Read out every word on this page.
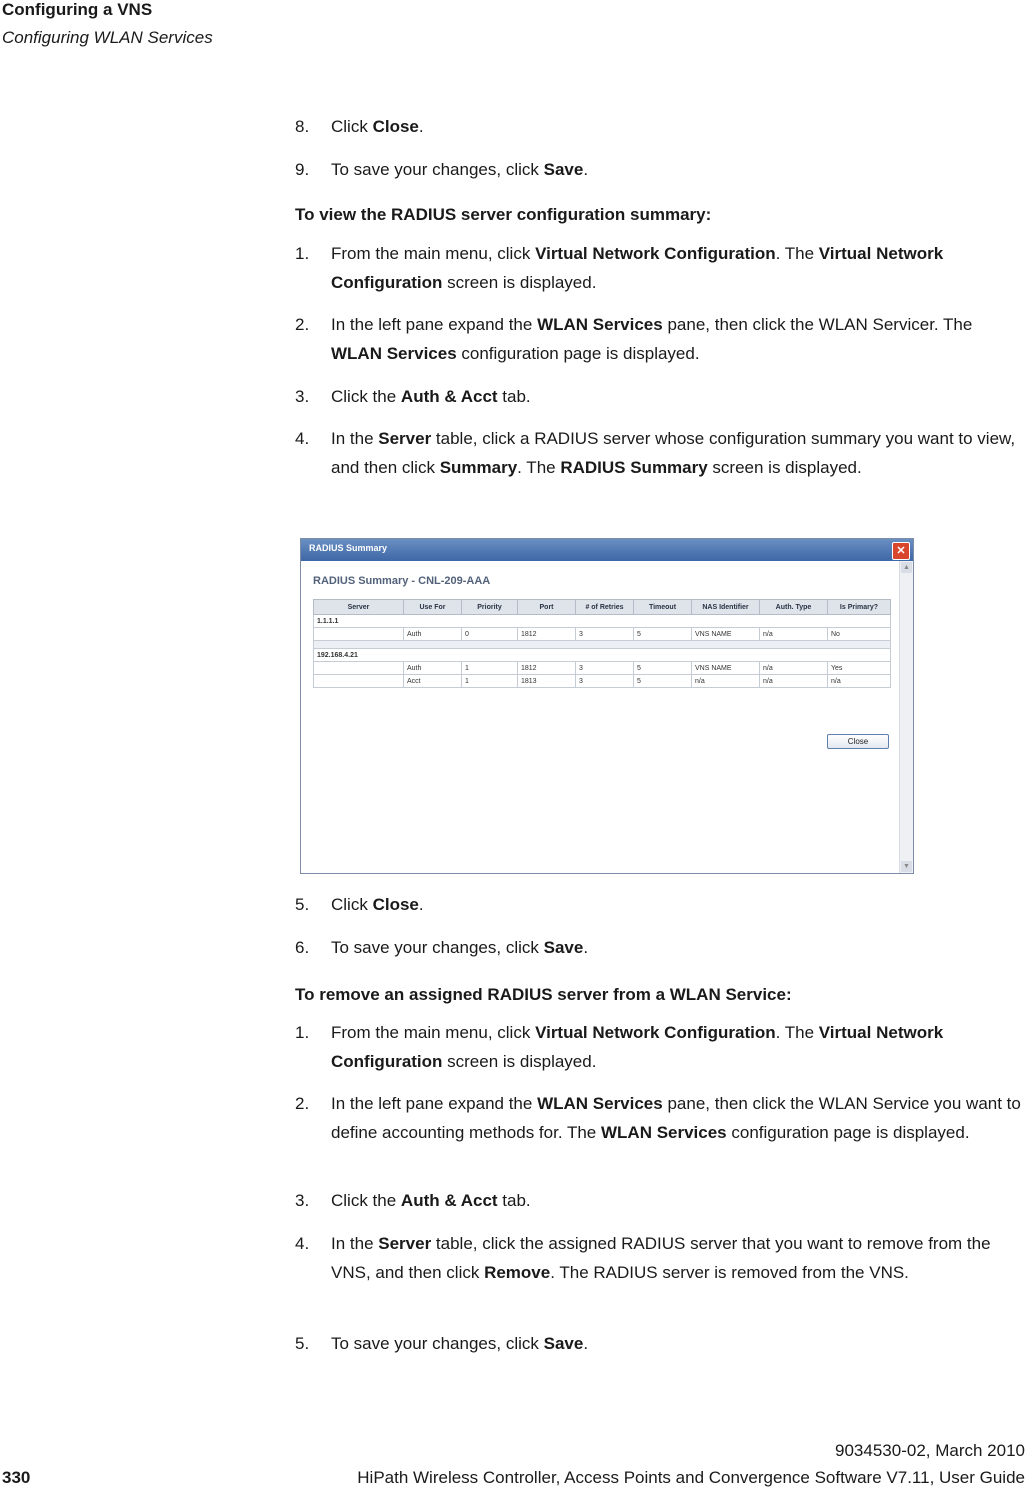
Configuring a VNS
Configuring WLAN Services
8. Click Close.
9. To save your changes, click Save.
To view the RADIUS server configuration summary:
1. From the main menu, click Virtual Network Configuration. The Virtual Network Configuration screen is displayed.
2. In the left pane expand the WLAN Services pane, then click the WLAN Servicer. The WLAN Services configuration page is displayed.
3. Click the Auth & Acct tab.
4. In the Server table, click a RADIUS server whose configuration summary you want to view, and then click Summary. The RADIUS Summary screen is displayed.
RADIUS Summary	✕
▲
▼
RADIUS Summary - CNL-209-AAA
Server	Use For	Priority	Port	# of Retries	Timeout	NAS Identifier	Auth. Type	Is Primary?
1.1.1.1								
	Auth	0	1812	3	5	VNS NAME	n/a	No

192.168.4.21								
	Auth	1	1812	3	5	VNS NAME	n/a	Yes
	Acct	1	1813	3	5	n/a	n/a	n/a
Close
5. Click Close.
6. To save your changes, click Save.
To remove an assigned RADIUS server from a WLAN Service:
1. From the main menu, click Virtual Network Configuration. The Virtual Network Configuration screen is displayed.
2. In the left pane expand the WLAN Services pane, then click the WLAN Service you want to define accounting methods for. The WLAN Services configuration page is displayed.
3. Click the Auth & Acct tab.
4. In the Server table, click the assigned RADIUS server that you want to remove from the VNS, and then click Remove. The RADIUS server is removed from the VNS.
5. To save your changes, click Save.
9034530-02, March 2010
330	HiPath Wireless Controller, Access Points and Convergence Software V7.11, User Guide
